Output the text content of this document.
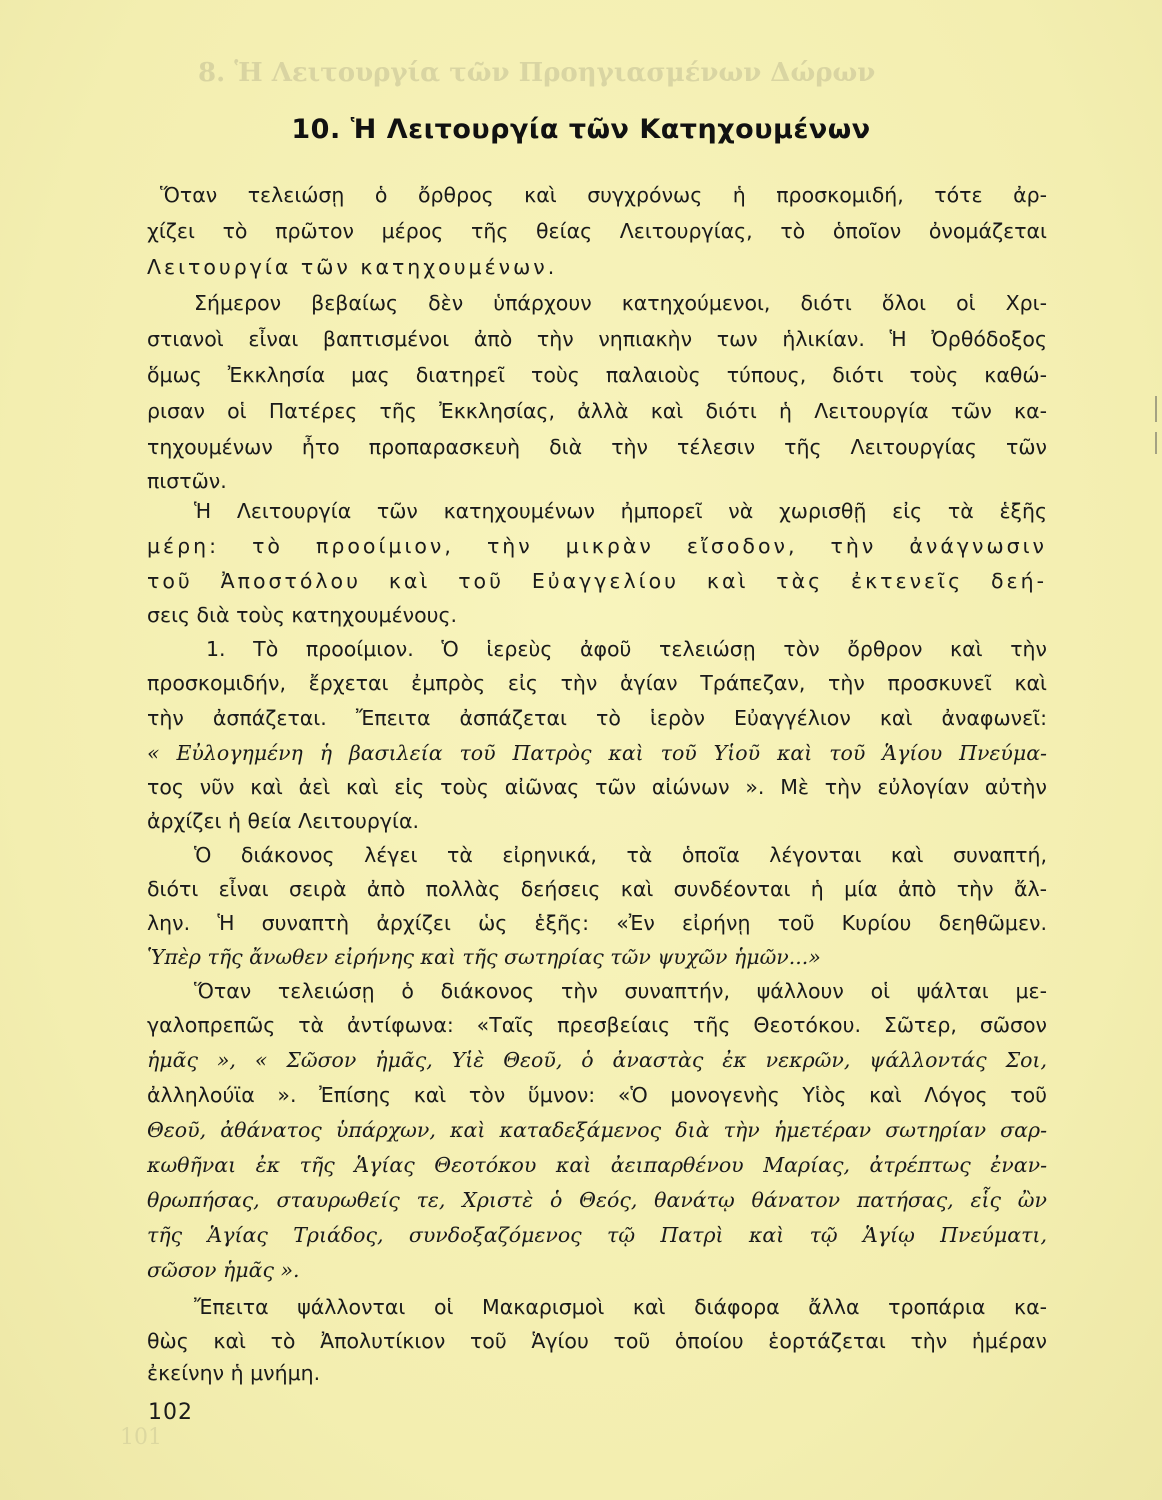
8. Ἡ Λειτουργία τῶν Προηγιασμένων Δώρων
101
10. Ἡ Λειτουργία τῶν Κατηχουμένων
Ὅταν τελειώσῃ ὁ ὄρθρος καὶ συγχρόνως ἡ προσκομιδή, τότε ἀρ-
χίζει τὸ πρῶτον μέρος τῆς θείας Λειτουργίας, τὸ ὁποῖον ὀνομάζεται
Λειτουργία τῶν κατηχουμένων.
Σήμερον βεβαίως δὲν ὑπάρχουν κατηχούμενοι, διότι ὅλοι οἱ Χρι-
στιανοὶ εἶναι βαπτισμένοι ἀπὸ τὴν νηπιακὴν των ἡλικίαν. Ἡ Ὀρθόδοξος
ὅμως Ἐκκλησία μας διατηρεῖ τοὺς παλαιοὺς τύπους, διότι τοὺς καθώ-
ρισαν οἱ Πατέρες τῆς Ἐκκλησίας, ἀλλὰ καὶ διότι ἡ Λειτουργία τῶν κα-
τηχουμένων ἦτο προπαρασκευὴ διὰ τὴν τέλεσιν τῆς Λειτουργίας τῶν
πιστῶν.
Ἡ Λειτουργία τῶν κατηχουμένων ἠμπορεῖ νὰ χωρισθῇ εἰς τὰ ἑξῆς
μέρη: τὸ προοίμιον, τὴν μικρὰν εἴσοδον, τὴν ἀνάγνωσιν
τοῦ Ἀποστόλου καὶ τοῦ Εὐαγγελίου καὶ τὰς ἐκτενεῖς δεή-
σεις διὰ τοὺς κατηχουμένους.
1. Τὸ προοίμιον. Ὁ ἱερεὺς ἀφοῦ τελειώσῃ τὸν ὄρθρον καὶ τὴν
προσκομιδήν, ἔρχεται ἐμπρὸς εἰς τὴν ἁγίαν Τράπεζαν, τὴν προσκυνεῖ καὶ
τὴν ἀσπάζεται. Ἔπειτα ἀσπάζεται τὸ ἱερὸν Εὐαγγέλιον καὶ ἀναφωνεῖ:
« Εὐλογημένη ἡ βασιλεία τοῦ Πατρὸς καὶ τοῦ Υἱοῦ καὶ τοῦ Ἁγίου Πνεύμα-
τος νῦν καὶ ἀεὶ καὶ εἰς τοὺς αἰῶνας τῶν αἰώνων ». Μὲ τὴν εὐλογίαν αὐτὴν
ἀρχίζει ἡ θεία Λειτουργία.
Ὁ διάκονος λέγει τὰ εἰρηνικά, τὰ ὁποῖα λέγονται καὶ συναπτή,
διότι εἶναι σειρὰ ἀπὸ πολλὰς δεήσεις καὶ συνδέονται ἡ μία ἀπὸ τὴν ἄλ-
λην. Ἡ συναπτὴ ἀρχίζει ὡς ἑξῆς: «Ἐν εἰρήνῃ τοῦ Κυρίου δεηθῶμεν.
Ὑπὲρ τῆς ἄνωθεν εἰρήνης καὶ τῆς σωτηρίας τῶν ψυχῶν ἡμῶν...»
Ὅταν τελειώσῃ ὁ διάκονος τὴν συναπτήν, ψάλλουν οἱ ψάλται με-
γαλοπρεπῶς τὰ ἀντίφωνα: «Ταῖς πρεσβείαις τῆς Θεοτόκου. Σῶτερ, σῶσον
ἡμᾶς », « Σῶσον ἡμᾶς, Υἱὲ Θεοῦ, ὁ ἀναστὰς ἐκ νεκρῶν, ψάλλοντάς Σοι,
ἀλληλούϊα ». Ἐπίσης καὶ τὸν ὕμνον: «Ὁ μονογενὴς Υἱὸς καὶ Λόγος τοῦ
Θεοῦ, ἀθάνατος ὑπάρχων, καὶ καταδεξάμενος διὰ τὴν ἡμετέραν σωτηρίαν σαρ-
κωθῆναι ἐκ τῆς Ἁγίας Θεοτόκου καὶ ἀειπαρθένου Μαρίας, ἀτρέπτως ἐναν-
θρωπήσας, σταυρωθείς τε, Χριστὲ ὁ Θεός, θανάτῳ θάνατον πατήσας, εἷς ὢν
τῆς Ἁγίας Τριάδος, συνδοξαζόμενος τῷ Πατρὶ καὶ τῷ Ἁγίῳ Πνεύματι,
σῶσον ἡμᾶς ».
Ἔπειτα ψάλλονται οἱ Μακαρισμοὶ καὶ διάφορα ἄλλα τροπάρια κα-
θὼς καὶ τὸ Ἀπολυτίκιον τοῦ Ἁγίου τοῦ ὁποίου ἑορτάζεται τὴν ἡμέραν
ἐκείνην ἡ μνήμη.
102
